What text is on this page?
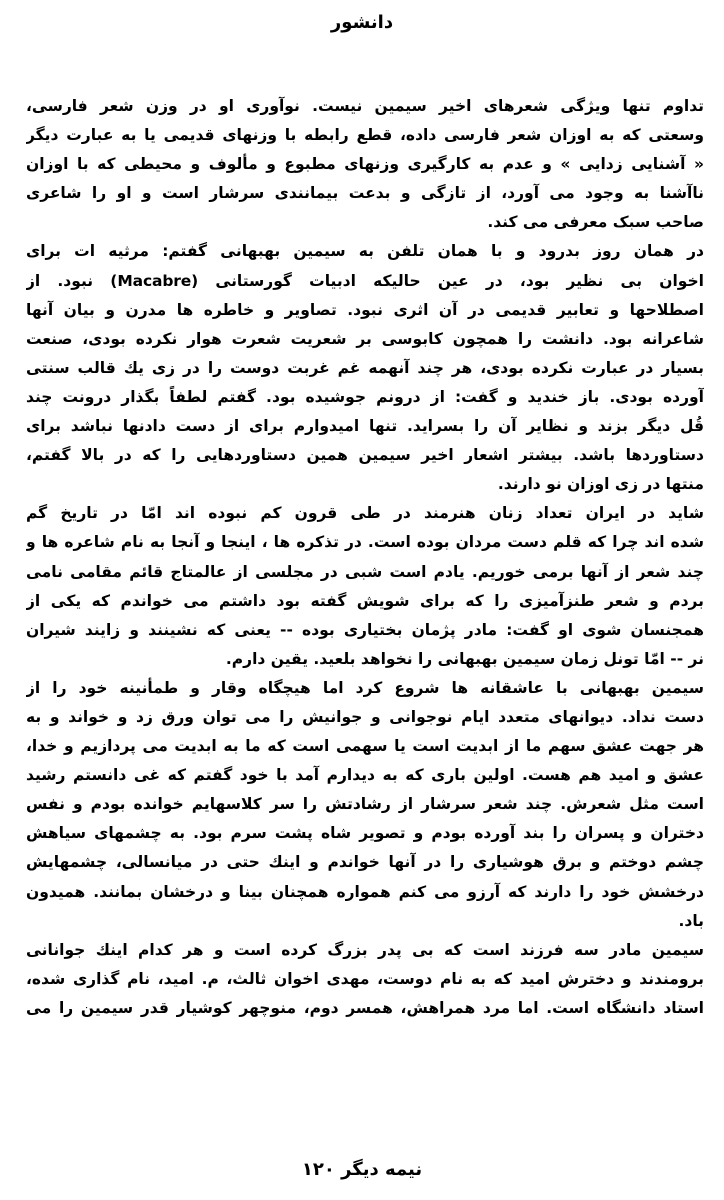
دانشور
تداوم تنها ویژگی شعرهای اخیر سیمین نیست. نوآوری او در وزن شعر فارسی،
وسعتی که به اوزان شعر فارسی داده، قطع رابطه با وزنهای قدیمی یا به عبارت دیگر
« آشنایی زدایی » و عدم به کارگیری وزنهای مطبوع و مألوف و محیطی که با اوزان
ناآشنا به وجود می آورد، از تازگی و بدعت بیمانندی سرشار است و او را شاعری
صاحب سبک معرفی می کند.
در همان روز بدرود و با همان تلفن به سیمین بهبهانی گفتم: مرثیه ات برای
اخوان بی نظیر بود، در عین حالیکه ادبیات گورستانی (Macabre) نبود. از
اصطلاحها و تعابیر قدیمی در آن اثری نبود. تصاویر و خاطره ها مدرن و بیان آنها
شاعرانه بود. دانشت را همچون کابوسی بر شعریت شعرت هوار نکرده بودی، صنعت
بسیار در عبارت نکرده بودی، هر چند آنهمه غم غربت دوست را در زی یك قالب سنتی
آورده بودی. باز خندید و گفت: از درونم جوشیده بود. گفتم لطفاً بگذار درونت چند
قُل دیگر بزند و نظایر آن را بسراید. تنها امیدوارم برای از دست دادنها نباشد برای
دستاوردها باشد. بیشتر اشعار اخیر سیمین همین دستاوردهایی را که در بالا گفتم،
منتها در زی اوزان نو دارند.
شاید در ایران تعداد زنان هنرمند در طی قرون کم نبوده اند امّا در تاریخ گم
شده اند چرا که قلم دست مردان بوده است. در تذکره ها ، اینجا و آنجا به نام شاعره ها و
چند شعر از آنها برمی خوریم. یادم است شبی در مجلسی از عالمتاج قائم مقامی نامی
بردم و شعر طنزآمیزی را که برای شویش گفته بود داشتم می خواندم که یکی از
همجنسان شوی او گفت: مادر پژمان بختیاری بوده -- یعنی که نشینند و زایند شیران
نر -- امّا تونل زمان سیمین بهبهانی را نخواهد بلعید. یقین دارم.
سیمین بهبهانی با عاشقانه ها شروع کرد اما هیچگاه وقار و طمأنینه خود را از
دست نداد. دیوانهای متعدد ایام نوجوانی و جوانیش را می توان ورق زد و خواند و به
هر جهت عشق سهم ما از ابدیت است یا سهمی است که ما به ابدیت می پردازیم و خدا،
عشق و امید هم هست. اولین باری که به دیدارم آمد با خود گفتم که غی دانستم رشید
است مثل شعرش. چند شعر سرشار از رشادتش را سر کلاسهایم خوانده بودم و نفس
دختران و پسران را بند آورده بودم و تصویر شاه پشت سرم بود. به چشمهای سیاهش
چشم دوختم و برق هوشیاری را در آنها خواندم و اینك حتی در میانسالی، چشمهایش
درخشش خود را دارند که آرزو می کنم همواره همچنان بینا و درخشان بمانند. همیدون
باد.
سیمین مادر سه فرزند است که بی پدر بزرگ کرده است و هر کدام اینك جوانانی
برومندند و دخترش امید که به نام دوست، مهدی اخوان ثالث، م. امید، نام گذاری شده،
استاد دانشگاه است. اما مرد همراهش، همسر دوم، منوچهر کوشیار قدر سیمین را می
نیمه دیگر ۱۲۰
